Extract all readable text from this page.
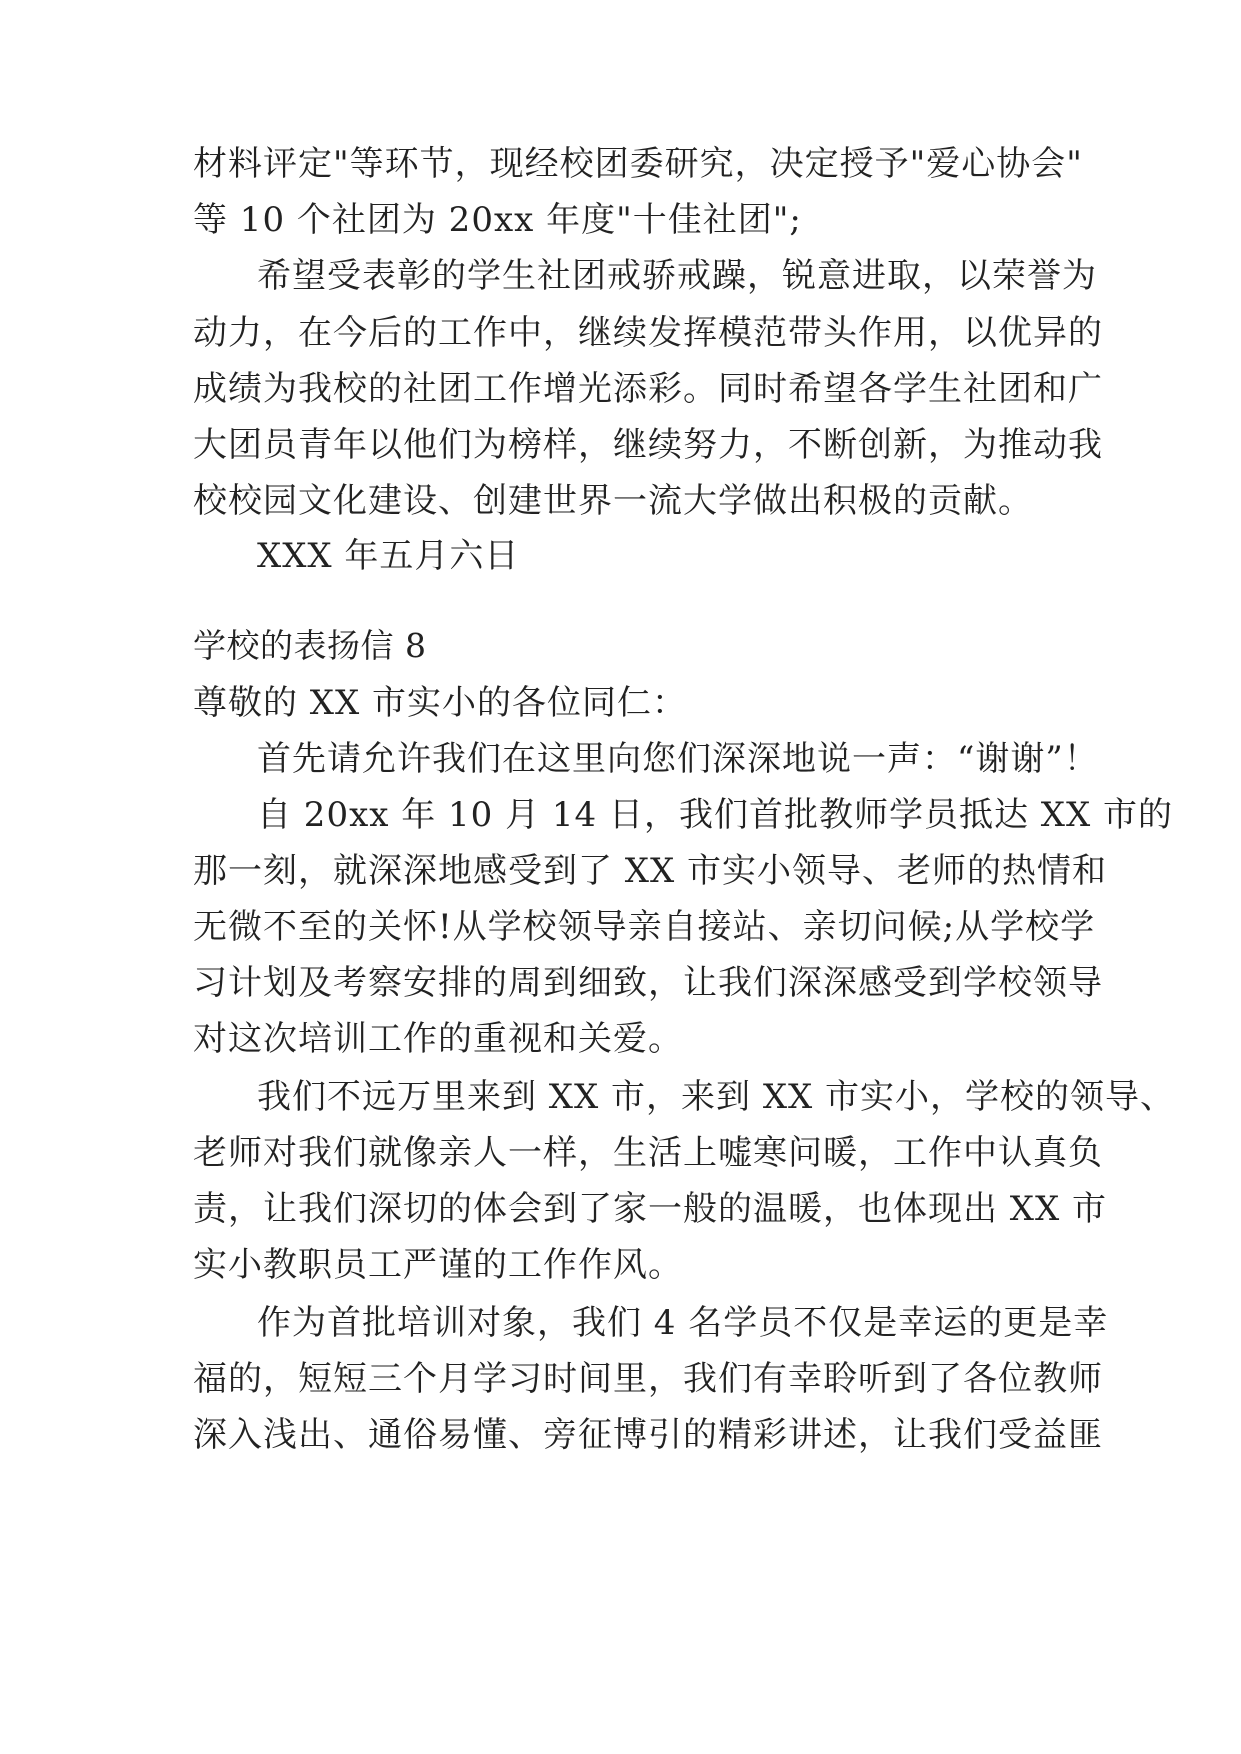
材料评定"等环节，现经校团委研究，决定授予"爱心协会"
等 10 个社团为 20xx 年度"十佳社团";
希望受表彰的学生社团戒骄戒躁，锐意进取，以荣誉为
动力，在今后的工作中，继续发挥模范带头作用，以优异的
成绩为我校的社团工作增光添彩。同时希望各学生社团和广
大团员青年以他们为榜样，继续努力，不断创新，为推动我
校校园文化建设、创建世界一流大学做出积极的贡献。
XXX 年五月六日
学校的表扬信 8
尊敬的 XX 市实小的各位同仁：
首先请允许我们在这里向您们深深地说一声：“谢谢”！
自 20xx 年 10 月 14 日，我们首批教师学员抵达 XX 市的
那一刻，就深深地感受到了 XX 市实小领导、老师的热情和
无微不至的关怀!从学校领导亲自接站、亲切问候;从学校学
习计划及考察安排的周到细致，让我们深深感受到学校领导
对这次培训工作的重视和关爱。
我们不远万里来到 XX 市，来到 XX 市实小，学校的领导、
老师对我们就像亲人一样，生活上嘘寒问暖，工作中认真负
责，让我们深切的体会到了家一般的温暖，也体现出 XX 市
实小教职员工严谨的工作作风。
作为首批培训对象，我们 4 名学员不仅是幸运的更是幸
福的，短短三个月学习时间里，我们有幸聆听到了各位教师
深入浅出、通俗易懂、旁征博引的精彩讲述，让我们受益匪
